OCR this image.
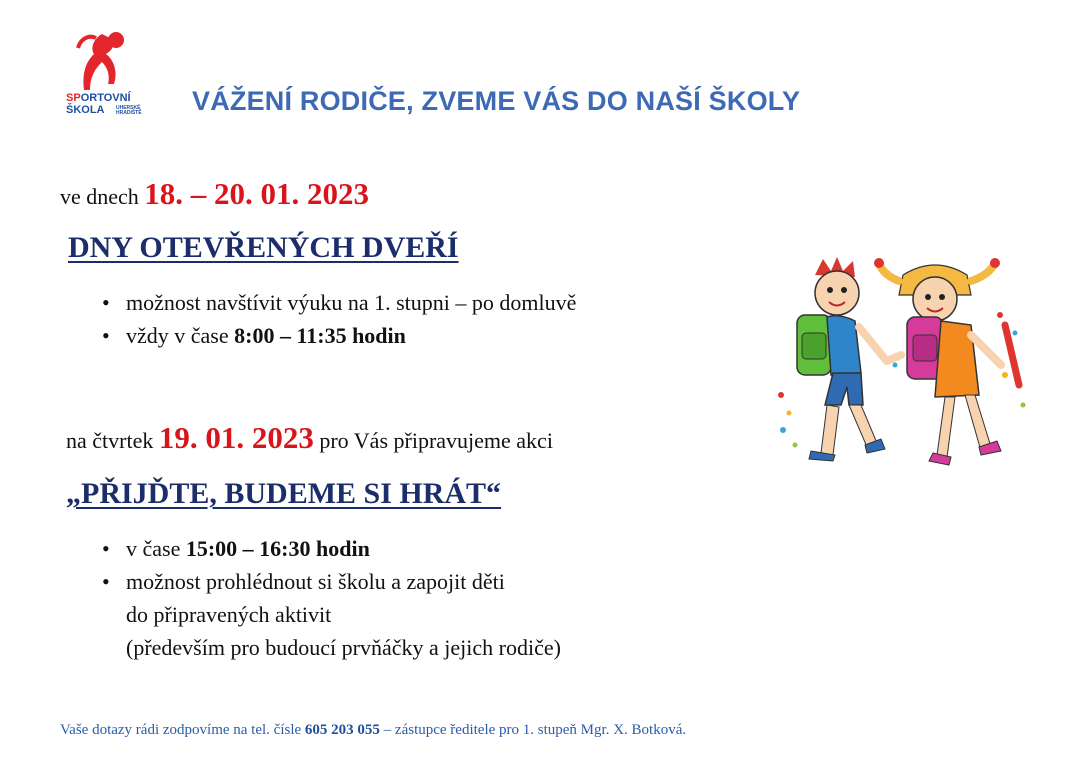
SPORTOVNÍ
ŠKOLA	UHERSKÉ
HRADIŠTĚ VÁŽENÍ RODIČE, ZVEME VÁS DO NAŠÍ ŠKOLY
ve dnech 18. – 20. 01. 2023
DNY OTEVŘENÝCH DVEŘÍ
• možnost navštívit výuku na 1. stupni – po domluvě
• vždy v čase 8:00 – 11:35 hodin
na čtvrtek 19. 01. 2023 pro Vás připravujeme akci
„PŘIJĎTE, BUDEME SI HRÁT“
• v čase 15:00 – 16:30 hodin
• možnost prohlédnout si školu a zapojit děti
do připravených aktivit
(především pro budoucí prvňáčky a jejich rodiče)
Vaše dotazy rádi zodpovíme na tel. čísle 605 203 055 – zástupce ředitele pro 1. stupeň Mgr. X. Botková.
